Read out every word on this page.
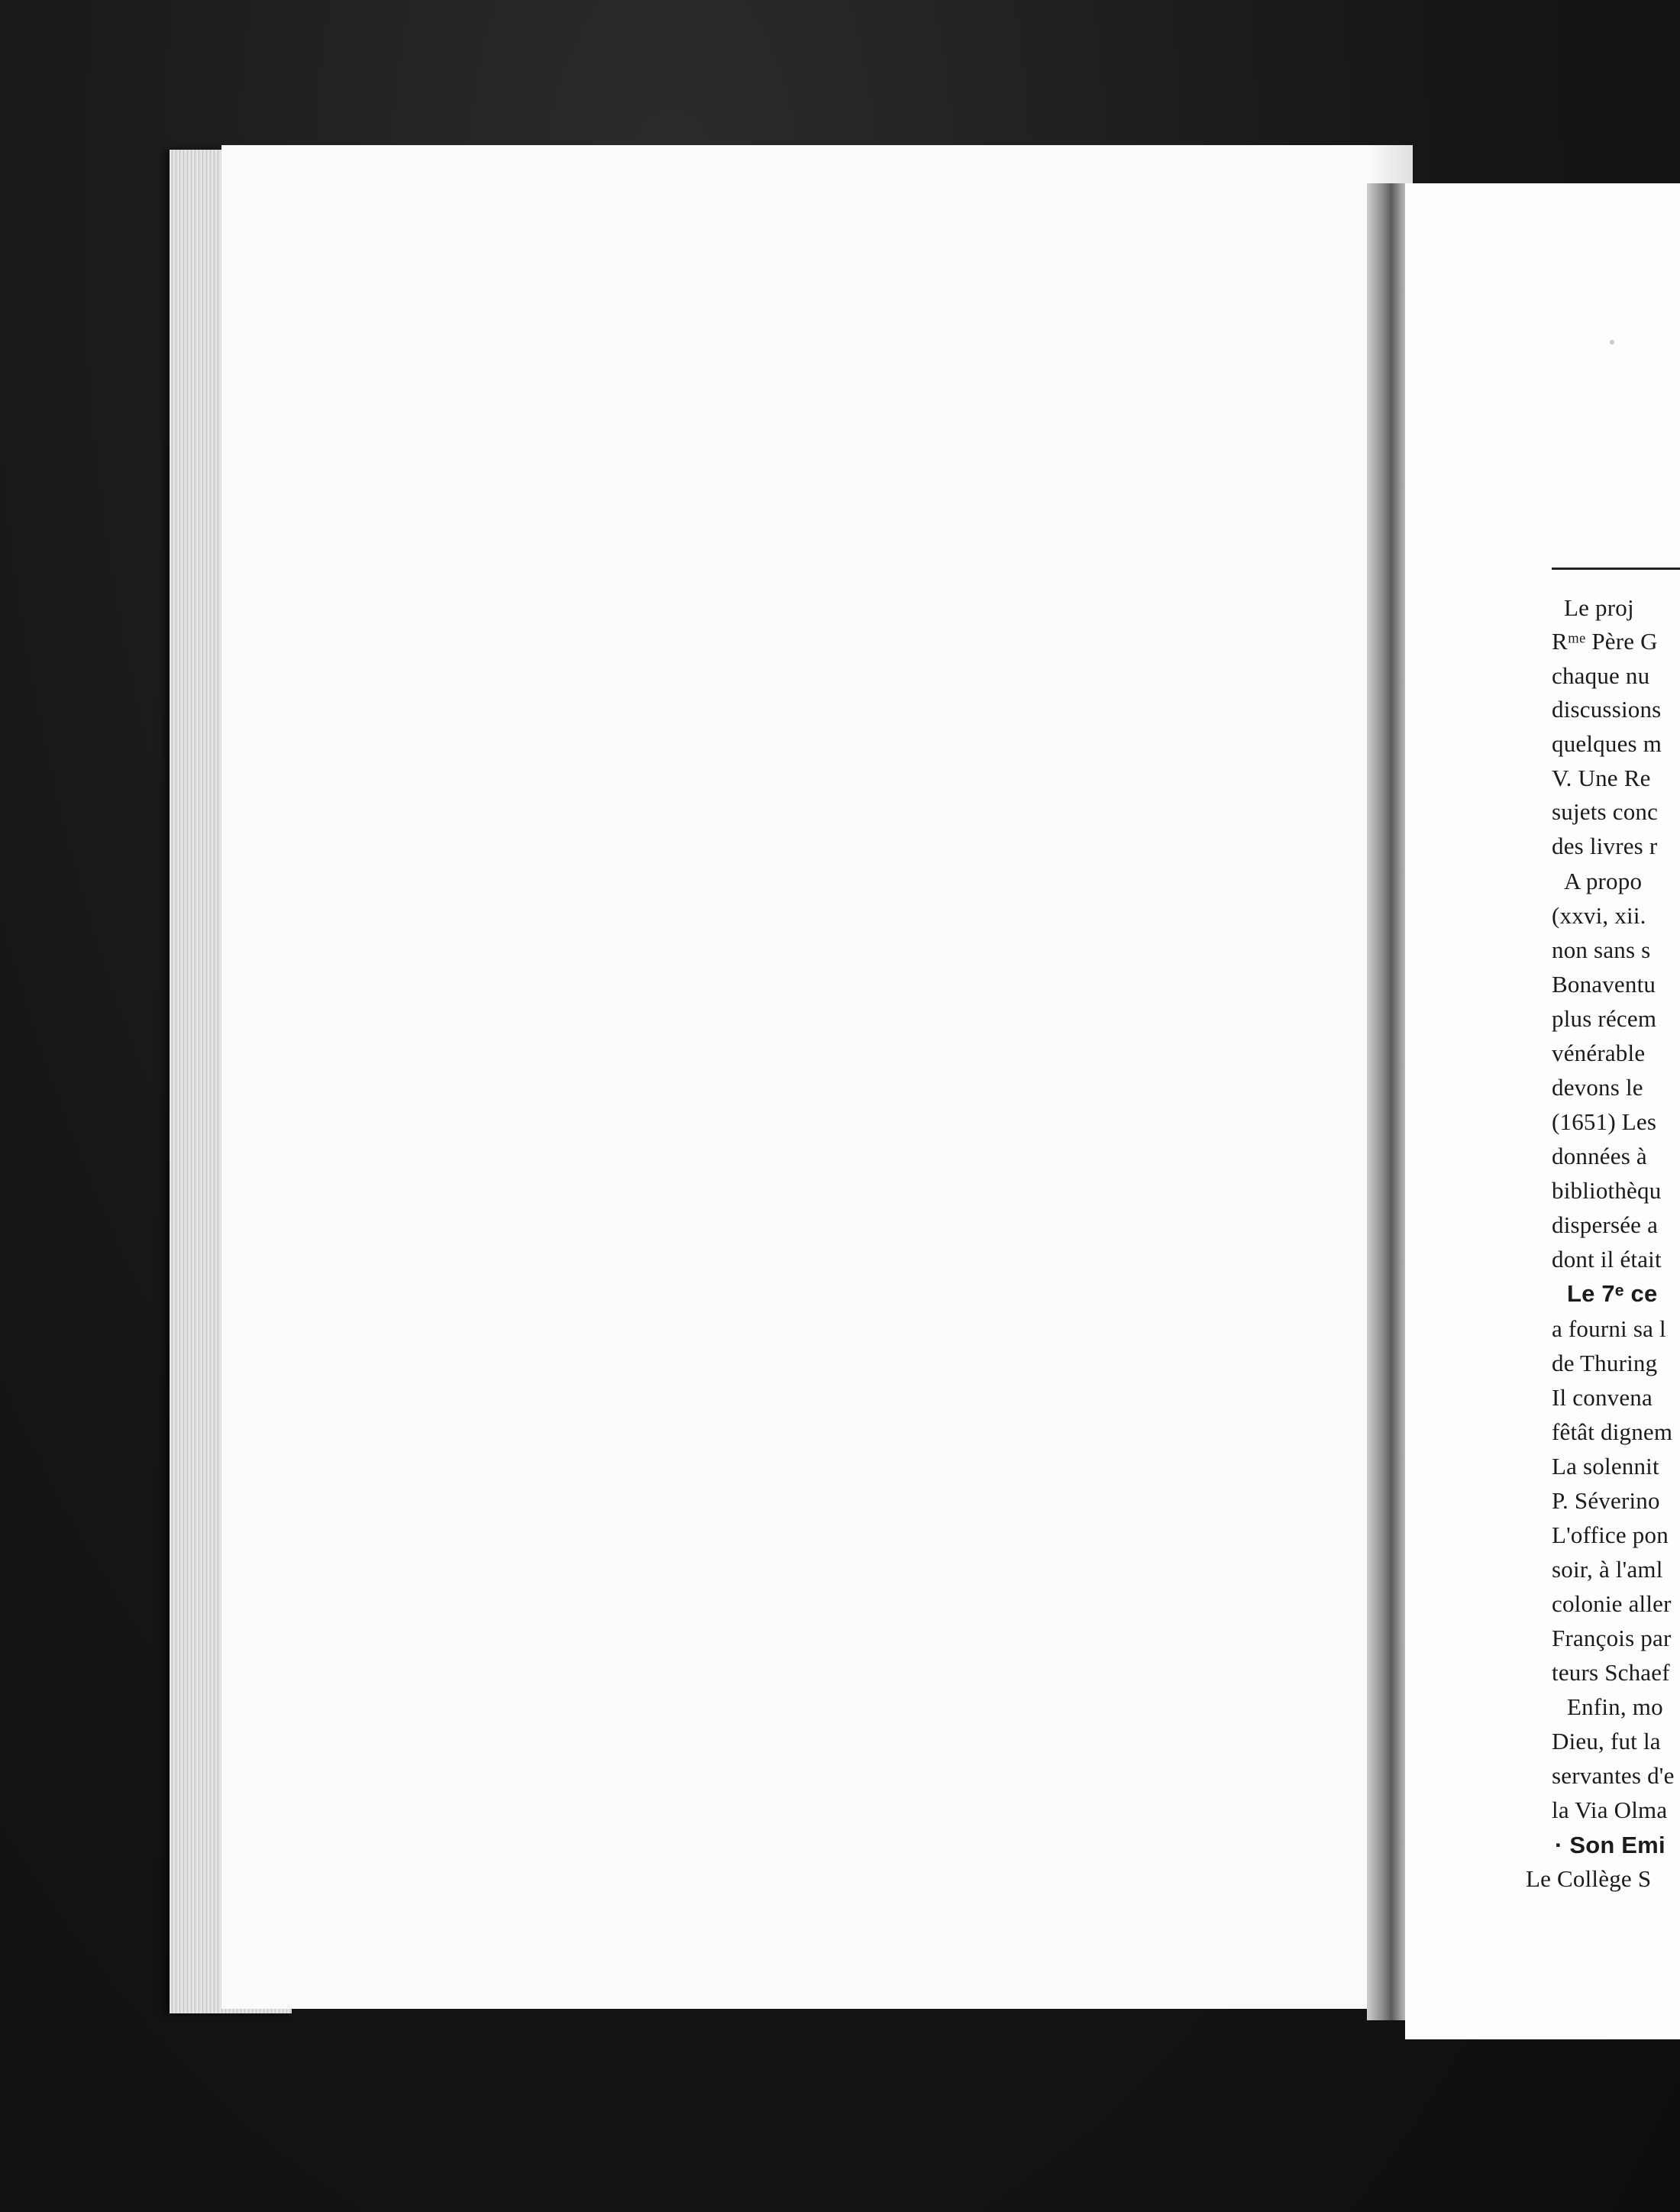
Le proj
Rᵐᵉ Père G
chaque nu
discussions
quelques m
V. Une Re
sujets conc
des livres r
A propo
(xxvi, xii.
non sans s
Bonaventu
plus récem
vénérable
devons le
(1651) Les
données à
bibliothèqu
dispersée a
dont il était
Le 7ᵉ ce
a fourni sa l
de Thuring
Il convena
fêtât dignem
La solennit
P. Séverino
L'office pon
soir, à l'aml
colonie aller
François par
teurs Schaef
Enfin, mo
Dieu, fut la
servantes d'e
la Via Olma
· Son Emi
Le Collège S
